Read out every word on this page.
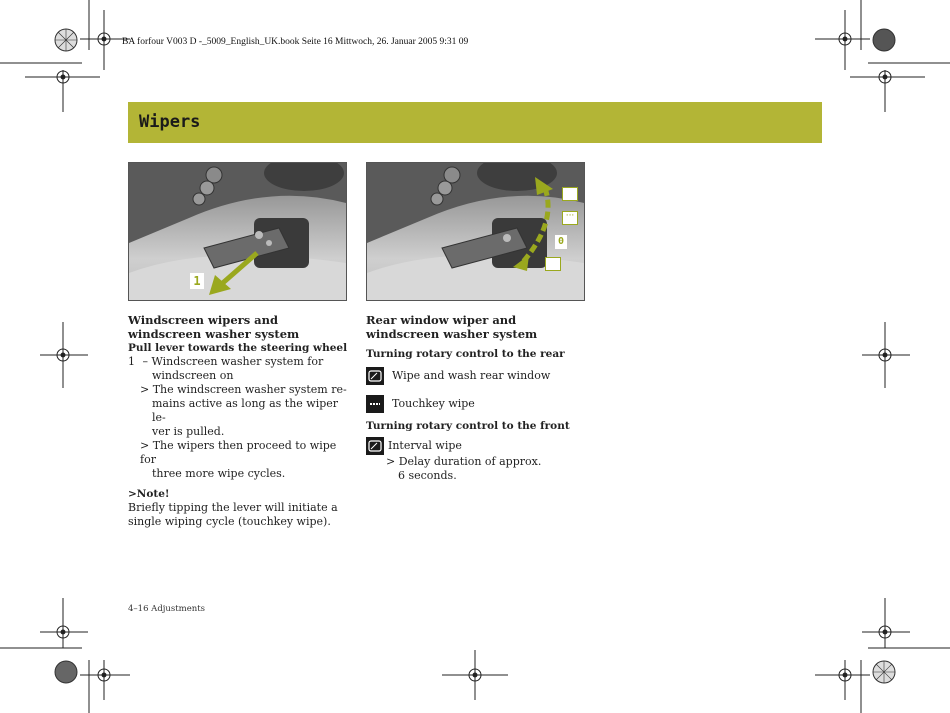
BA forfour V003 D -_5009_English_UK.book Seite 16 Mittwoch, 26. Januar 2005 9:31 09
Wipers
1
···
0
Windscreen wipers and windscreen washer system
Pull lever towards the steering wheel
1 – Windscreen washer system for
windscreen on
> The windscreen washer system re-
mains active as long as the wiper le-
ver is pulled.
> The wipers then proceed to wipe for
three more wipe cycles.
>Note!
Briefly tipping the lever will initiate a
single wiping cycle (touchkey wipe).
Rear window wiper and windscreen washer system
Turning rotary control to the rear
Wipe and wash rear window
Touchkey wipe
Turning rotary control to the front
Interval wipe
> Delay duration of approx.
6 seconds.
4–16 Adjustments
